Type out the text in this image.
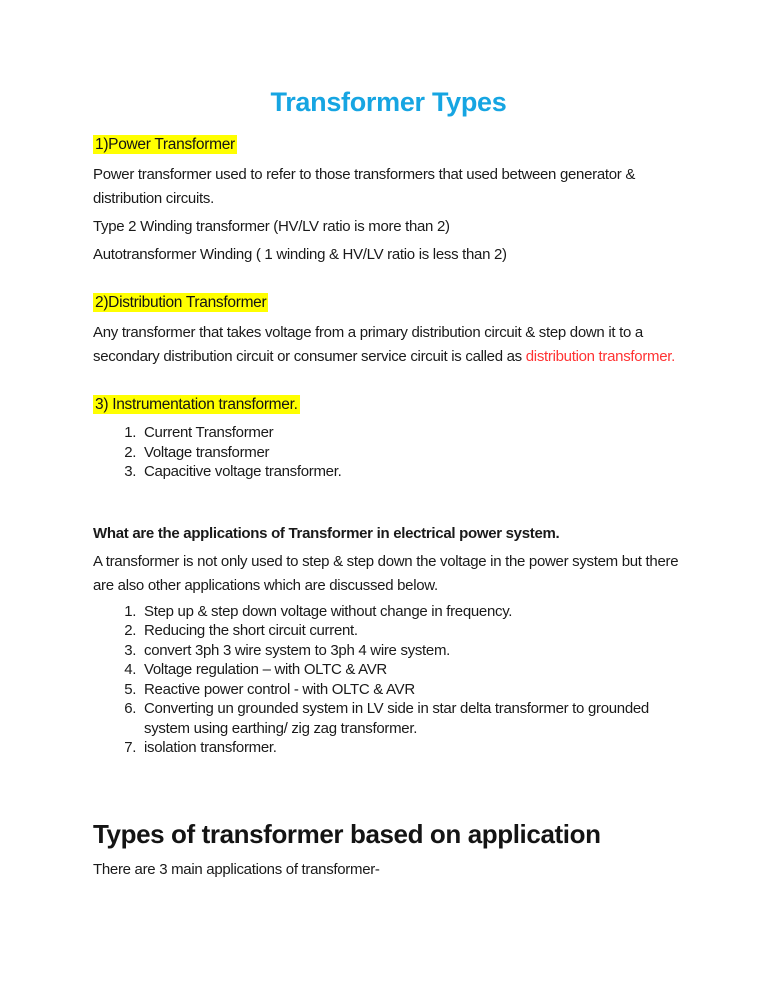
Transformer Types

1)Power Transformer

Power transformer used to refer to those transformers that used between generator & distribution circuits.

Type 2 Winding transformer (HV/LV ratio is more than 2)

Autotransformer Winding ( 1 winding & HV/LV ratio is less than 2)

2)Distribution Transformer

Any transformer that takes voltage from a primary distribution circuit & step down it to a secondary distribution circuit or consumer service circuit is called as distribution transformer.

3) Instrumentation transformer.

1. Current Transformer
2. Voltage transformer
3. Capacitive voltage transformer.

What are the applications of Transformer in electrical power system.

A transformer is not only used to step & step down the voltage in the power system but there are also other applications which are discussed below.

1. Step up & step down voltage without change in frequency.
2. Reducing the short circuit current.
3. convert 3ph 3 wire system to 3ph 4 wire system.
4. Voltage regulation – with OLTC & AVR
5. Reactive power control - with OLTC & AVR
6. Converting un grounded system in LV side in star delta transformer to grounded system using earthing/ zig zag transformer.
7. isolation transformer.
Types of transformer based on application

There are 3 main applications of transformer-
